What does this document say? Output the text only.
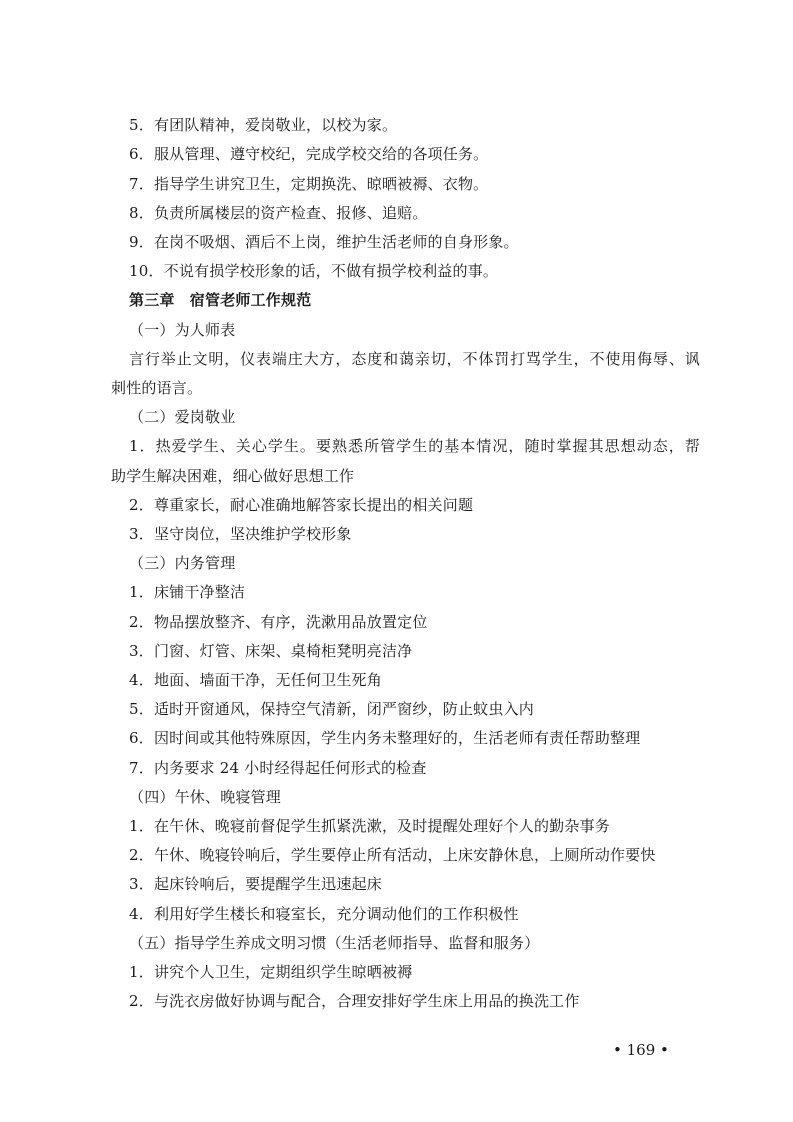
5．有团队精神，爱岗敬业，以校为家。
6．服从管理、遵守校纪，完成学校交给的各项任务。
7．指导学生讲究卫生，定期换洗、晾晒被褥、衣物。
8．负责所属楼层的资产检查、报修、追赔。
9．在岗不吸烟、酒后不上岗，维护生活老师的自身形象。
10．不说有损学校形象的话，不做有损学校利益的事。
第三章　宿管老师工作规范
（一）为人师表
言行举止文明，仪表端庄大方，态度和蔼亲切，不体罚打骂学生，不使用侮辱、讽
刺性的语言。
（二）爱岗敬业
1．热爱学生、关心学生。要熟悉所管学生的基本情况，随时掌握其思想动态，帮
助学生解决困难，细心做好思想工作
2．尊重家长，耐心准确地解答家长提出的相关问题
3．坚守岗位，坚决维护学校形象
（三）内务管理
1．床铺干净整洁
2．物品摆放整齐、有序，洗漱用品放置定位
3．门窗、灯管、床架、桌椅柜凳明亮洁净
4．地面、墙面干净，无任何卫生死角
5．适时开窗通风，保持空气清新，闭严窗纱，防止蚊虫入内
6．因时间或其他特殊原因，学生内务未整理好的，生活老师有责任帮助整理
7．内务要求 24 小时经得起任何形式的检查
（四）午休、晚寝管理
1．在午休、晚寝前督促学生抓紧洗漱，及时提醒处理好个人的勤杂事务
2．午休、晚寝铃响后，学生要停止所有活动，上床安静休息，上厕所动作要快
3．起床铃响后，要提醒学生迅速起床
4．利用好学生楼长和寝室长，充分调动他们的工作积极性
（五）指导学生养成文明习惯（生活老师指导、监督和服务）
1．讲究个人卫生，定期组织学生晾晒被褥
2．与洗衣房做好协调与配合，合理安排好学生床上用品的换洗工作
• 169 •
